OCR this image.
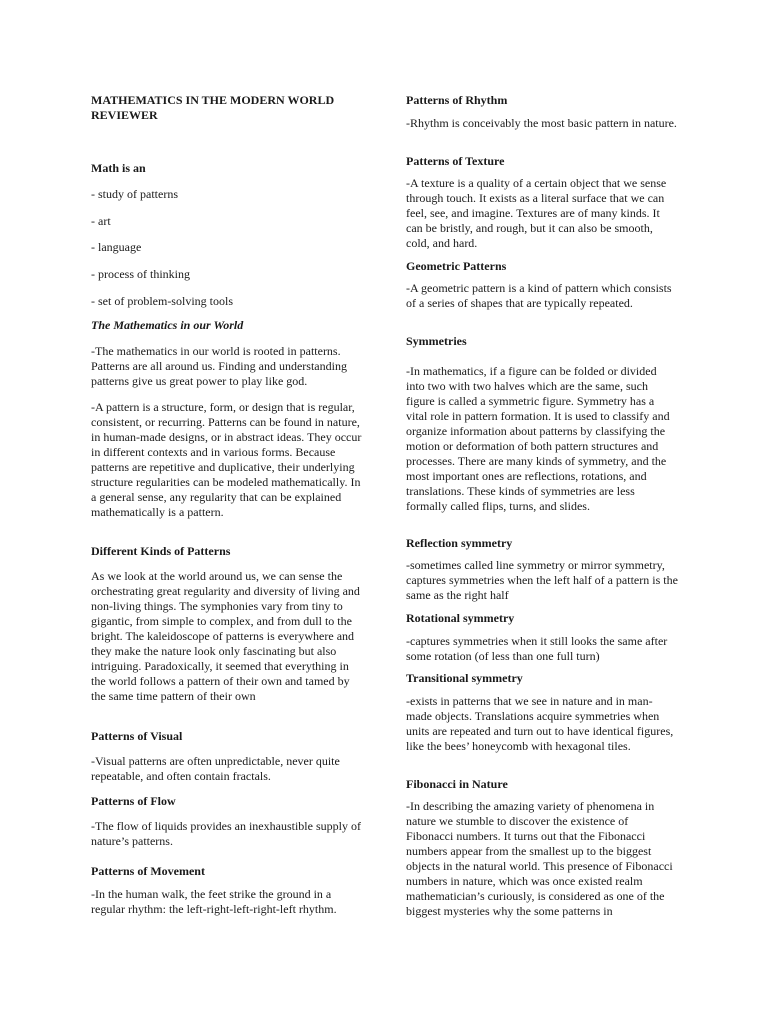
MATHEMATICS IN THE MODERN WORLD REVIEWER
Math is an
- study of patterns
- art
- language
- process of thinking
- set of problem-solving tools
The Mathematics in our World
-The mathematics in our world is rooted in patterns. Patterns are all around us. Finding and understanding patterns give us great power to play like god.
-A pattern is a structure, form, or design that is regular, consistent, or recurring. Patterns can be found in nature, in human-made designs, or in abstract ideas. They occur in different contexts and in various forms. Because patterns are repetitive and duplicative, their underlying structure regularities can be modeled mathematically. In a general sense, any regularity that can be explained mathematically is a pattern.
Different Kinds of Patterns
As we look at the world around us, we can sense the orchestrating great regularity and diversity of living and non-living things. The symphonies vary from tiny to gigantic, from simple to complex, and from dull to the bright. The kaleidoscope of patterns is everywhere and they make the nature look only fascinating but also intriguing. Paradoxically, it seemed that everything in the world follows a pattern of their own and tamed by the same time pattern of their own
Patterns of Visual
-Visual patterns are often unpredictable, never quite repeatable, and often contain fractals.
Patterns of Flow
-The flow of liquids provides an inexhaustible supply of nature’s patterns.
Patterns of Movement
-In the human walk, the feet strike the ground in a regular rhythm: the left-right-left-right-left rhythm.
Patterns of Rhythm
-Rhythm is conceivably the most basic pattern in nature.
Patterns of Texture
-A texture is a quality of a certain object that we sense through touch. It exists as a literal surface that we can feel, see, and imagine. Textures are of many kinds. It can be bristly, and rough, but it can also be smooth, cold, and hard.
Geometric Patterns
-A geometric pattern is a kind of pattern which consists of a series of shapes that are typically repeated.
Symmetries
-In mathematics, if a figure can be folded or divided into two with two halves which are the same, such figure is called a symmetric figure. Symmetry has a vital role in pattern formation. It is used to classify and organize information about patterns by classifying the motion or deformation of both pattern structures and processes. There are many kinds of symmetry, and the most important ones are reflections, rotations, and translations. These kinds of symmetries are less formally called flips, turns, and slides.
Reflection symmetry
-sometimes called line symmetry or mirror symmetry, captures symmetries when the left half of a pattern is the same as the right half
Rotational symmetry
-captures symmetries when it still looks the same after some rotation (of less than one full turn)
Transitional symmetry
-exists in patterns that we see in nature and in man-made objects. Translations acquire symmetries when units are repeated and turn out to have identical figures, like the bees’ honeycomb with hexagonal tiles.
Fibonacci in Nature
-In describing the amazing variety of phenomena in nature we stumble to discover the existence of Fibonacci numbers. It turns out that the Fibonacci numbers appear from the smallest up to the biggest objects in the natural world. This presence of Fibonacci numbers in nature, which was once existed realm mathematician’s curiously, is considered as one of the biggest mysteries why the some patterns in
